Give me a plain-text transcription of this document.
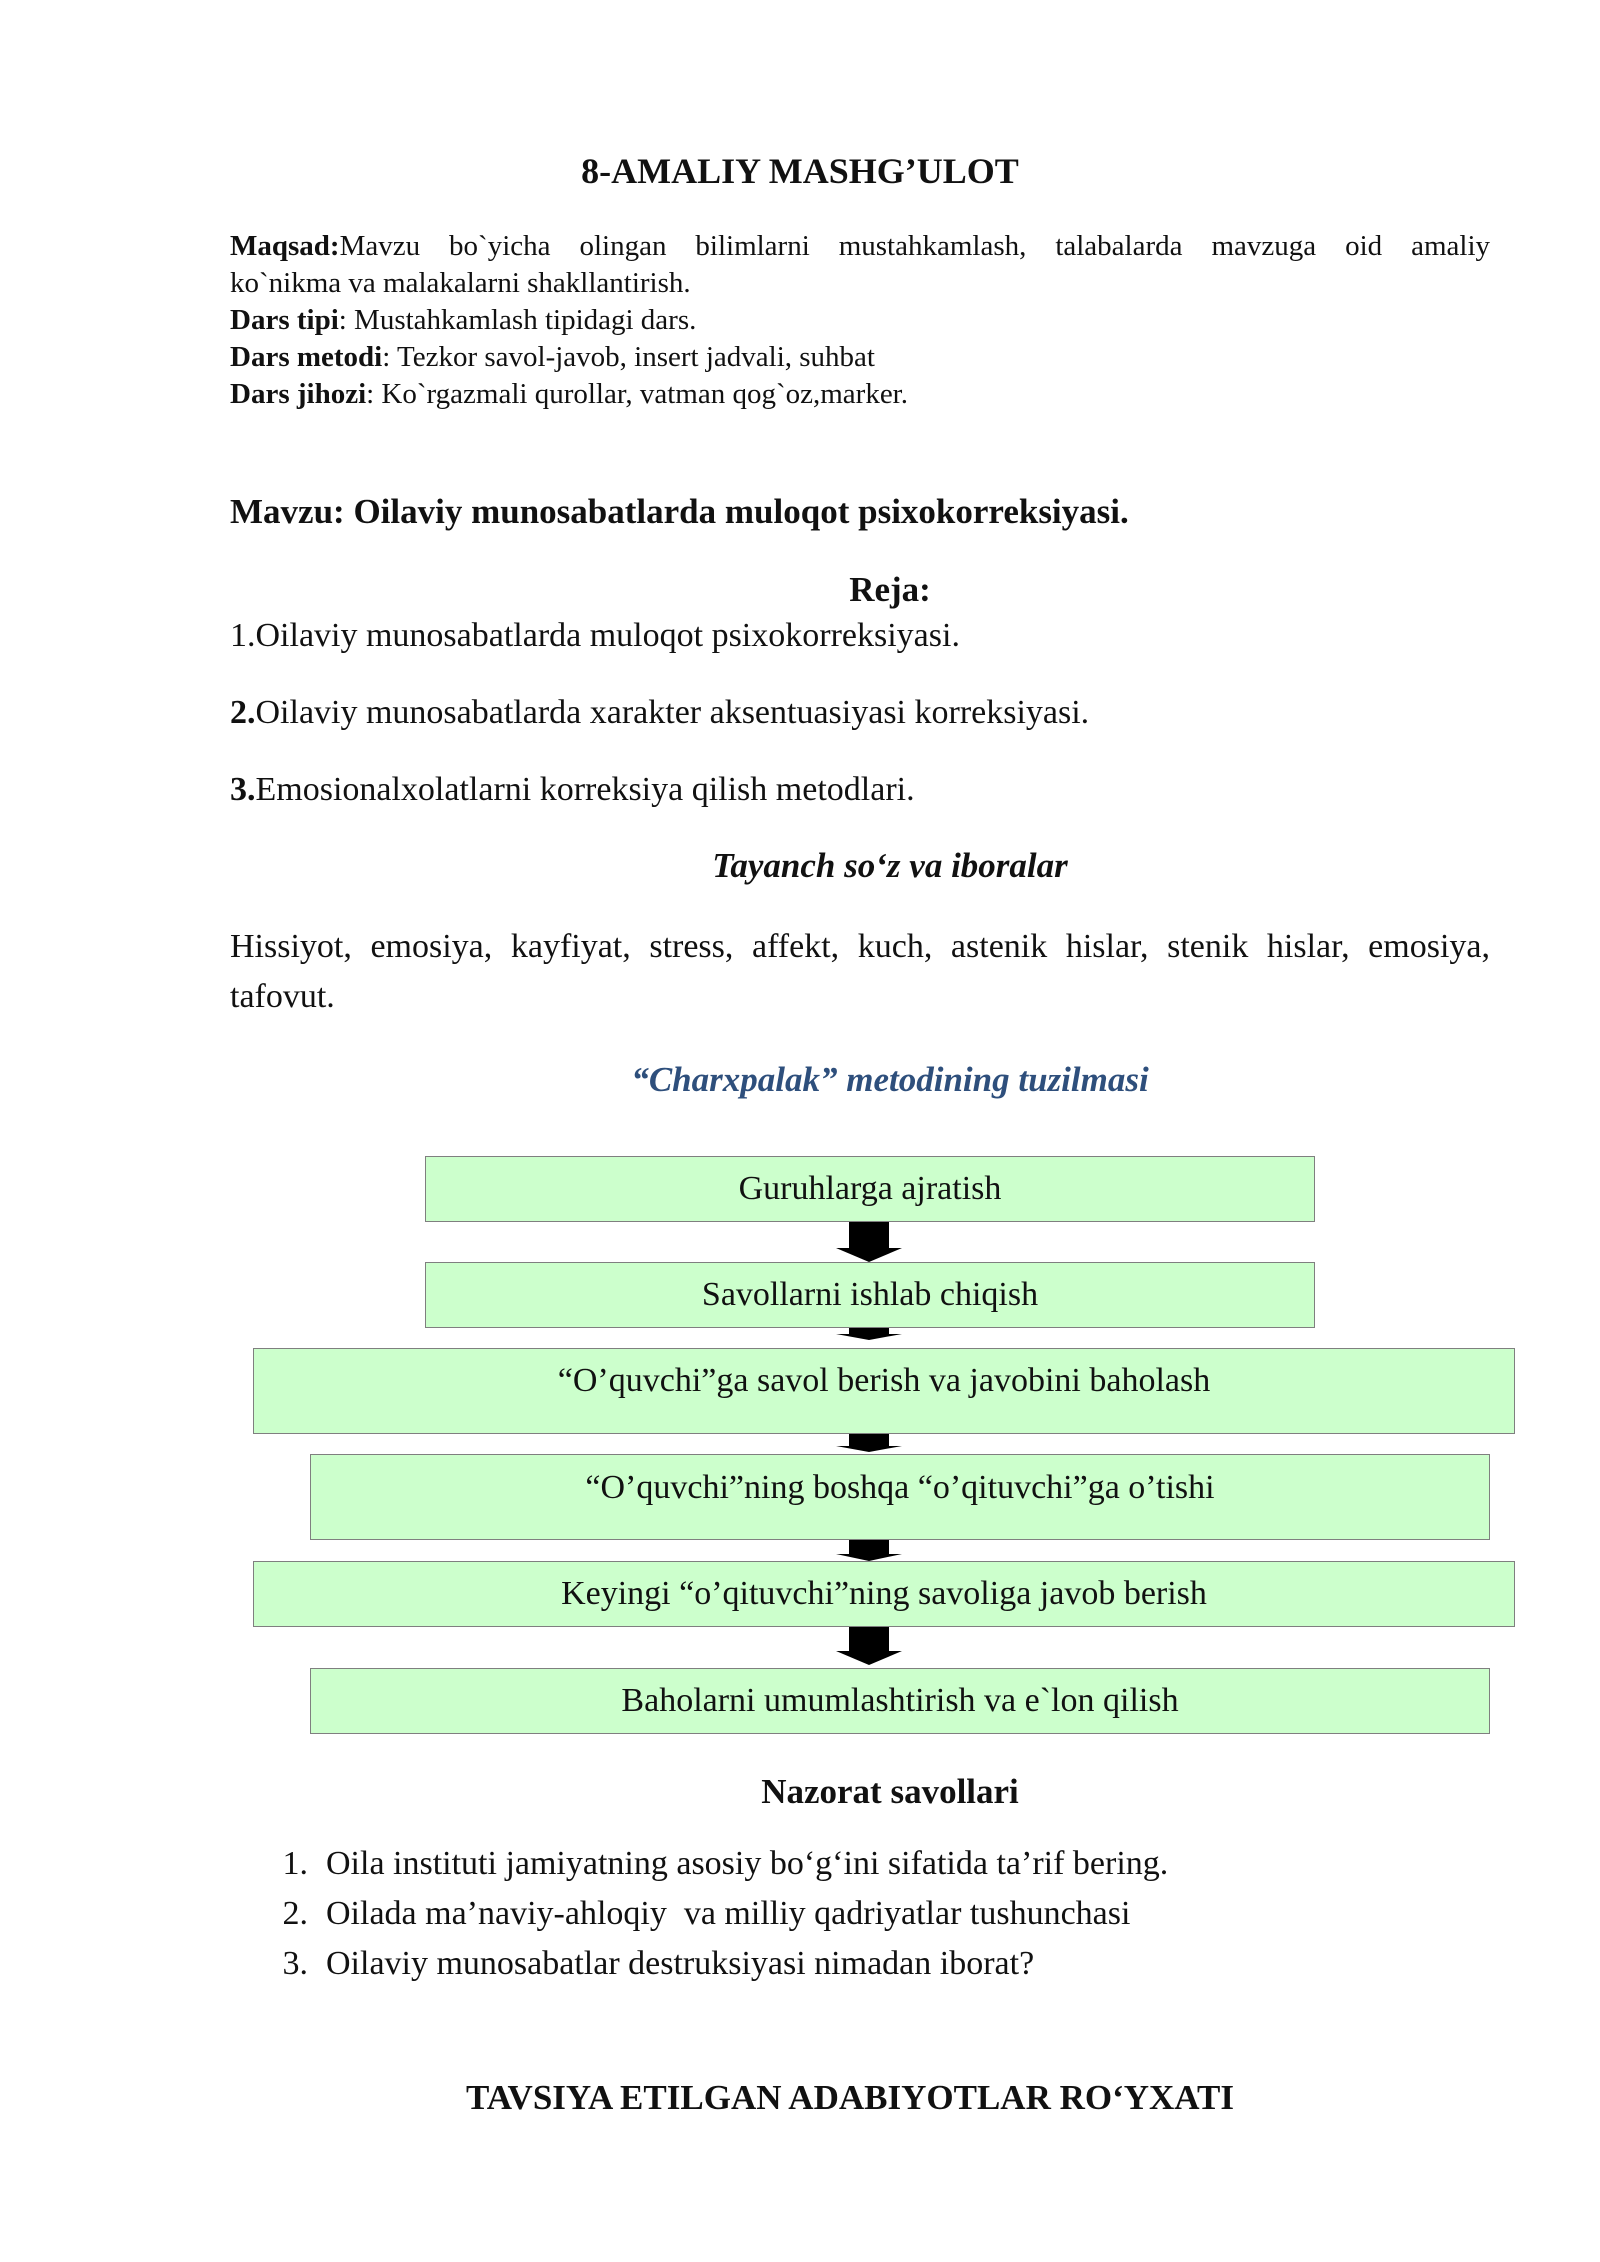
8-AMALIY MASHG’ULOT
Maqsad:Mavzu bo`yicha olingan bilimlarni mustahkamlash, talabalarda mavzuga oid amaliy
ko`nikma va malakalarni shakllantirish.
Dars tipi: Mustahkamlash tipidagi dars.
Dars metodi: Tezkor savol-javob, insert jadvali, suhbat
Dars jihozi: Ko`rgazmali qurollar, vatman qog`oz,marker.
Mavzu: Oilaviy munosabatlarda muloqot psixokorreksiyasi.
Reja:
1.Oilaviy munosabatlarda muloqot psixokorreksiyasi.
2.Oilaviy munosabatlarda xarakter aksentuasiyasi korreksiyasi.
3.Emosionalxolatlarni korreksiya qilish metodlari.
Tayanch so‘z va iboralar
Hissiyot, emosiya, kayfiyat, stress, affekt, kuch, astenik hislar, stenik hislar, emosiya, tafovut.
“Charxpalak” metodining tuzilmasi
Guruhlarga ajratish
Savollarni ishlab chiqish
“O’quvchi”ga savol berish va javobini baholash
“O’quvchi”ning boshqa “o’qituvchi”ga o’tishi
Keyingi “o’qituvchi”ning savoliga javob berish
Baholarni umumlashtirish va e`lon qilish
Nazorat savollari
1. Oila instituti jamiyatning asosiy bo‘g‘ini sifatida ta’rif bering.
2. Oilada ma’naviy-ahloqiy  va milliy qadriyatlar tushunchasi
3. Oilaviy munosabatlar destruksiyasi nimadan iborat?
TAVSIYA ETILGAN ADABIYOTLAR RO‘YXATI
